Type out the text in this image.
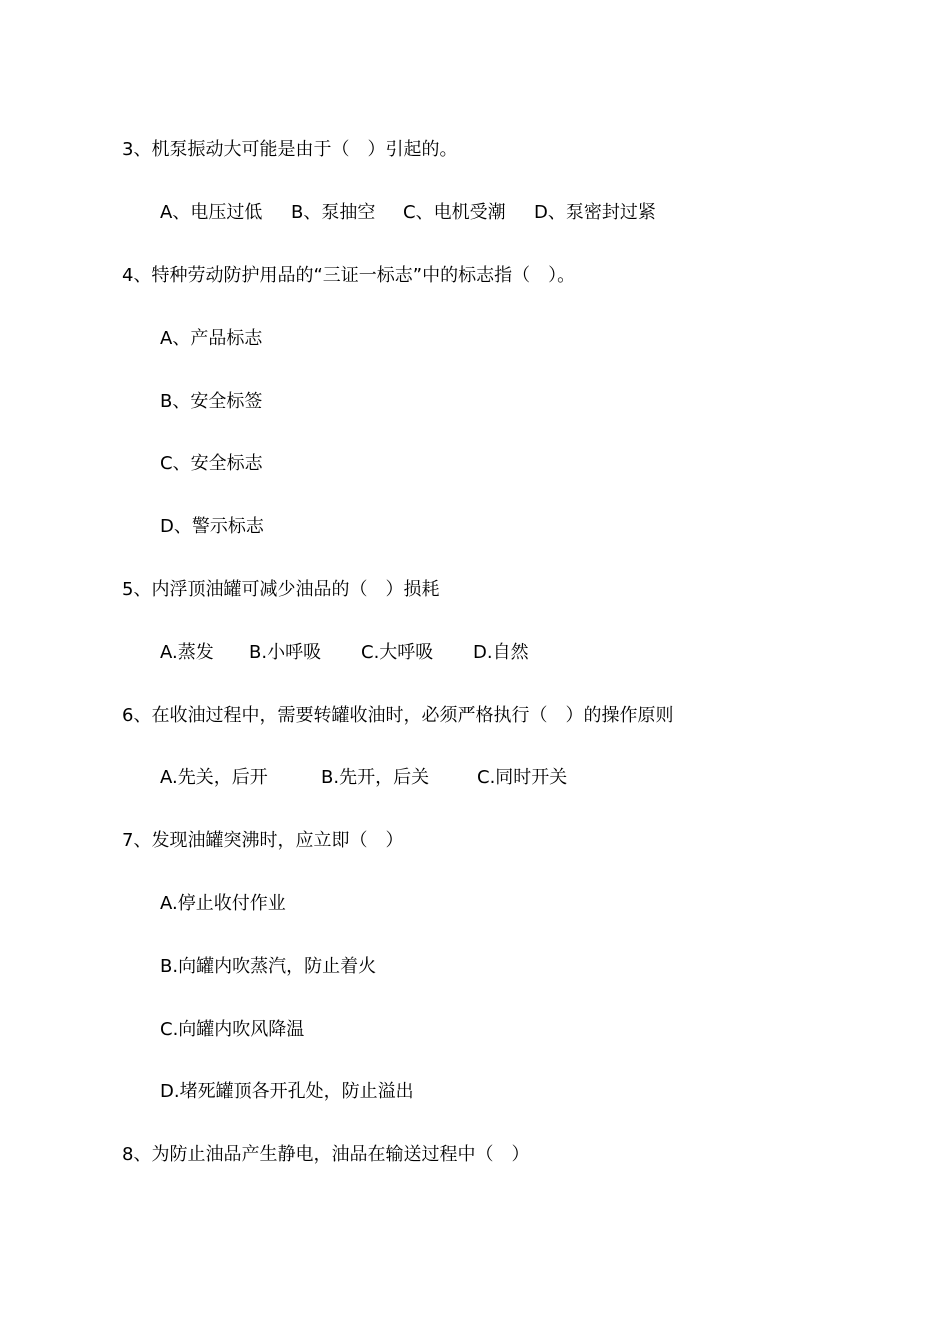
3、机泵振动大可能是由于（　）引起的。
A、电压过低	B、泵抽空	C、电机受潮	D、泵密封过紧
4、特种劳动防护用品的“三证一标志”中的标志指（　）。
A、产品标志
B、安全标签
C、安全标志
D、警示标志
5、内浮顶油罐可减少油品的（　）损耗
A.蒸发	B.小呼吸	C.大呼吸	D.自然
6、在收油过程中，需要转罐收油时，必须严格执行（　）的操作原则
A.先关，后开	B.先开，后关	C.同时开关
7、发现油罐突沸时，应立即（　）
A.停止收付作业
B.向罐内吹蒸汽，防止着火
C.向罐内吹风降温
D.堵死罐顶各开孔处，防止溢出
8、为防止油品产生静电，油品在输送过程中（　）
